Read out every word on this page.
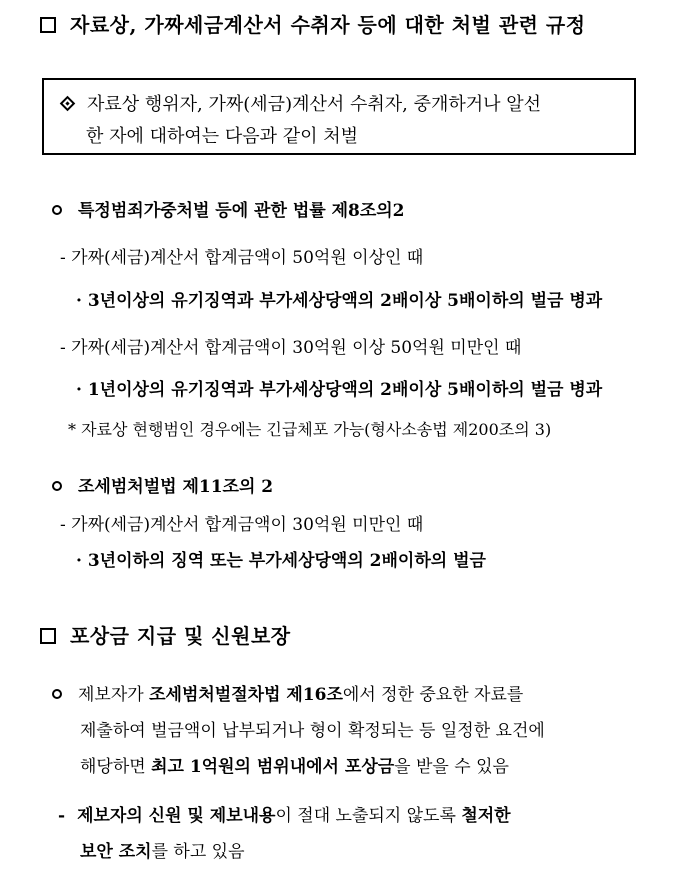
자료상, 가짜세금계산서 수취자 등에 대한 처벌 관련 규정
자료상 행위자, 가짜(세금)계산서 수취자, 중개하거나 알선
한 자에 대하여는 다음과 같이 처벌
특정범죄가중처벌 등에 관한 법률 제8조의2
- 가짜(세금)계산서 합계금액이 50억원 이상인 때
· 3년이상의 유기징역과 부가세상당액의 2배이상 5배이하의 벌금 병과
- 가짜(세금)계산서 합계금액이 30억원 이상 50억원 미만인 때
· 1년이상의 유기징역과 부가세상당액의 2배이상 5배이하의 벌금 병과
* 자료상 현행범인 경우에는 긴급체포 가능(형사소송법 제200조의 3)
조세범처벌법 제11조의 2
- 가짜(세금)계산서 합계금액이 30억원 미만인 때
· 3년이하의 징역 또는 부가세상당액의 2배이하의 벌금
포상금 지급 및 신원보장
제보자가 조세범처벌절차법 제16조에서 정한 중요한 자료를
제출하여 벌금액이 납부되거나 형이 확정되는 등 일정한 요건에
해당하면 최고 1억원의 범위내에서 포상금을 받을 수 있음
- 제보자의 신원 및 제보내용이 절대 노출되지 않도록 철저한
보안 조치를 하고 있음
